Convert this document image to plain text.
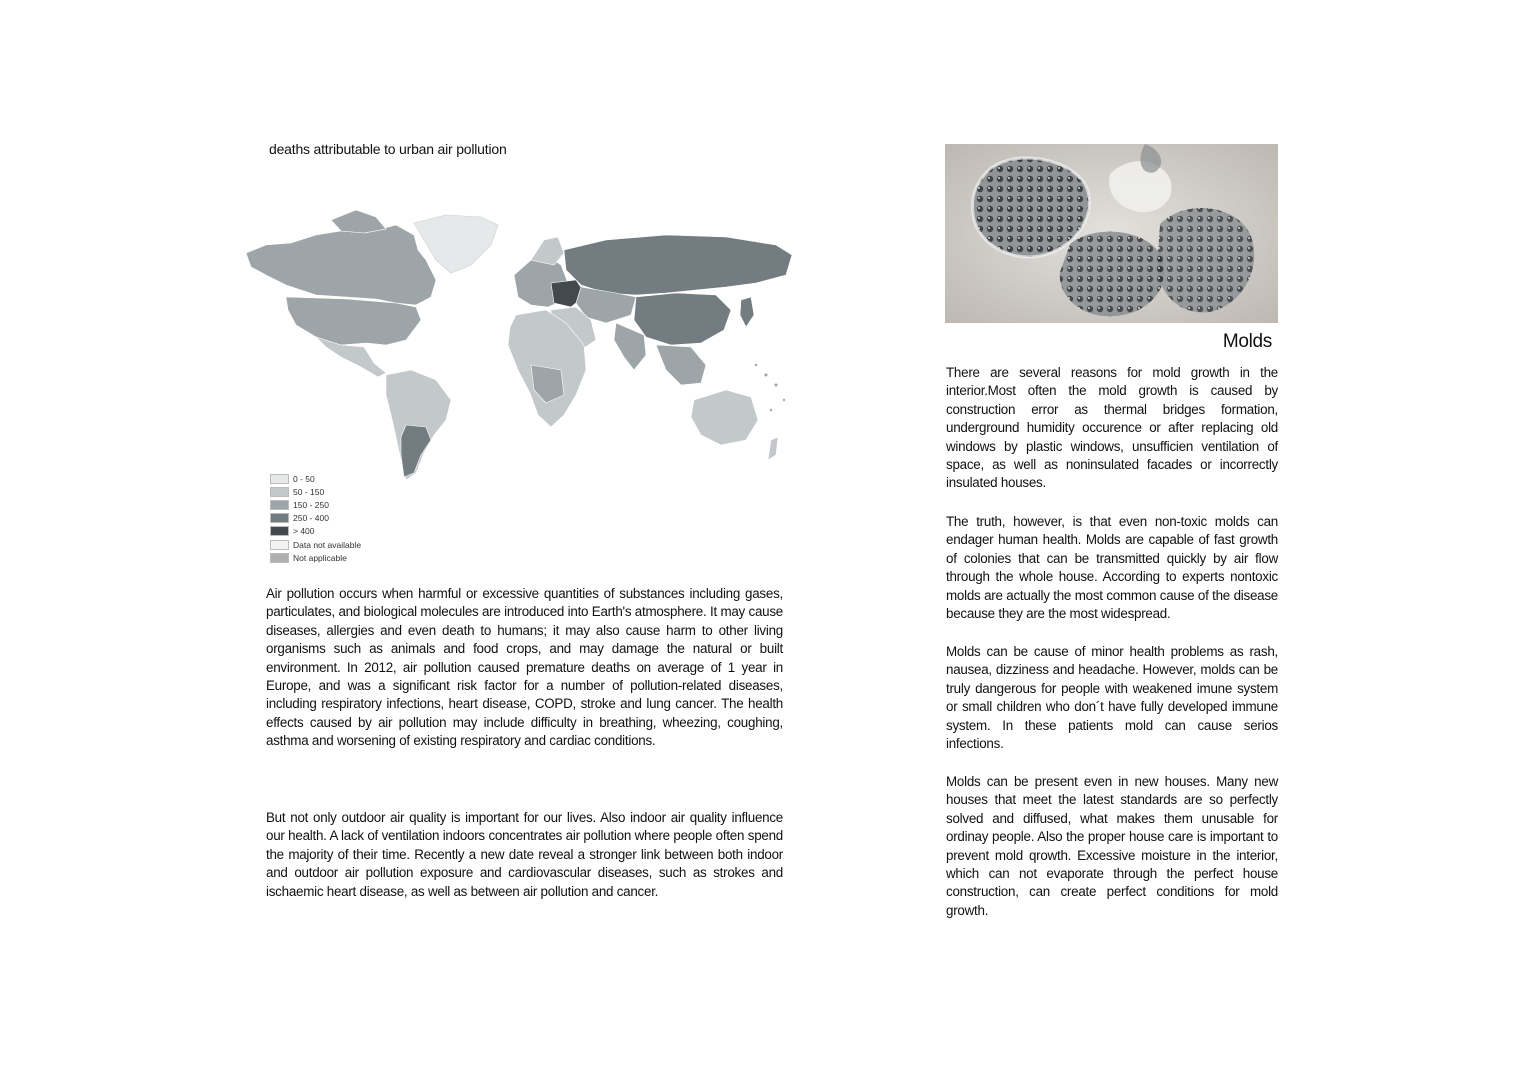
deaths attributable to urban air pollution
0 - 50
50 - 150
150 - 250
250 - 400
> 400
Data not available
Not applicable
Air pollution occurs when harmful or excessive quantities of substances including gases, particulates, and biological molecules are introduced into Earth's atmosphere. It may cause diseases, allergies and even death to humans; it may also cause harm to other living organisms such as animals and food crops, and may damage the natural or built environment. In 2012, air pollution caused premature deaths on average of 1 year in Europe, and was a significant risk factor for a number of pollution-related diseases, including respiratory infections, heart disease, COPD, stroke and lung cancer. The health effects caused by air pollution may include difficulty in breathing, wheezing, coughing, asthma and worsening of existing respiratory and cardiac conditions.
But not only outdoor air quality is important for our lives. Also indoor air quality influence our health. A lack of ventilation indoors concentrates air pollution where people often spend the majority of their time. Recently a new date reveal a stronger link between both indoor and outdoor air pollution exposure and cardiovascular diseases, such as strokes and ischaemic heart disease, as well as between air pollution and cancer.
Molds
There are several reasons for mold growth in the interior.Most often the mold growth is caused by construction error as thermal bridges formation, underground humidity occurence or after replacing old windows by plastic windows, unsufficien ventilation of space, as well as noninsulated facades or incorrectly insulated houses.
The truth, however, is that even non-toxic molds can endager human health. Molds are capable of fast growth of colonies that can be transmitted quickly by air flow through the whole house. According to experts nontoxic molds are actually the most common cause of the disease because they are the most widespread.
Molds can be cause of minor health problems as rash, nausea, dizziness and headache. However, molds can be truly dangerous for people with weakened imune system or small children who don´t have fully developed immune system. In these patients mold can cause serios infections.
Molds can be present even in new houses. Many new houses that meet the latest standards are so perfectly solved and diffused, what makes them unusable for ordinay people. Also the proper house care is important to prevent mold qrowth. Excessive moisture in the interior, which can not evaporate through the perfect house construction, can create perfect conditions for mold growth.
